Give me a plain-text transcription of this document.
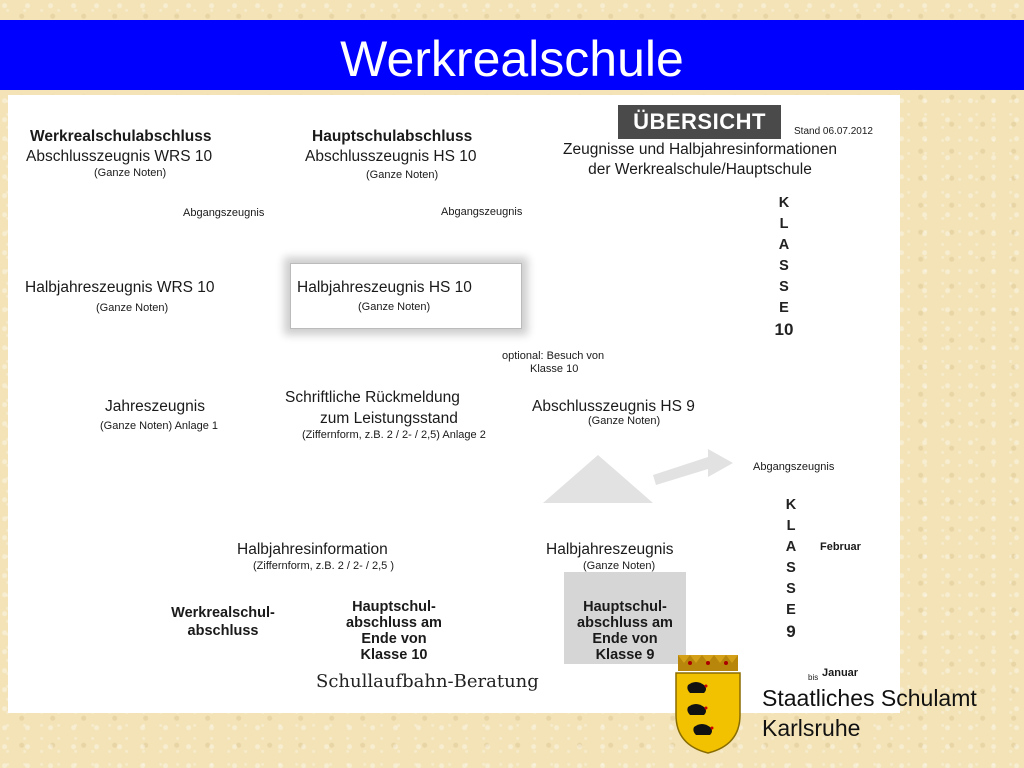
Werkrealschule
ÜBERSICHT	Stand 06.07.2012
Zeugnisse und Halbjahresinformationen
der Werkrealschule/Hauptschule
K
L
A
S
S
E
10
Werkrealschulabschluss
Abschlusszeugnis WRS 10
(Ganze Noten)
Hauptschulabschluss
Abschlusszeugnis HS 10
(Ganze Noten)
Abgangszeugnis	Abgangszeugnis
Halbjahreszeugnis WRS 10
(Ganze Noten)
Halbjahreszeugnis HS 10
(Ganze Noten)
optional: Besuch von
Klasse 10
Jahreszeugnis
(Ganze Noten) Anlage 1
Schriftliche Rückmeldung
zum Leistungsstand
(Ziffernform, z.B. 2 / 2- / 2,5) Anlage 2
Abschlusszeugnis HS 9
(Ganze Noten)
Abgangszeugnis
K
L
A
S
S
E
9
Februar
Halbjahresinformation
(Ziffernform, z.B. 2 / 2- / 2,5 )
Halbjahreszeugnis
(Ganze Noten)
Werkrealschul-
abschluss
Hauptschul-
abschluss am
Ende von
Klasse 10
Hauptschul-
abschluss am
Ende von
Klasse 9
bis Januar
Schullaufbahn-Beratung
Staatliches Schulamt
Karlsruhe
